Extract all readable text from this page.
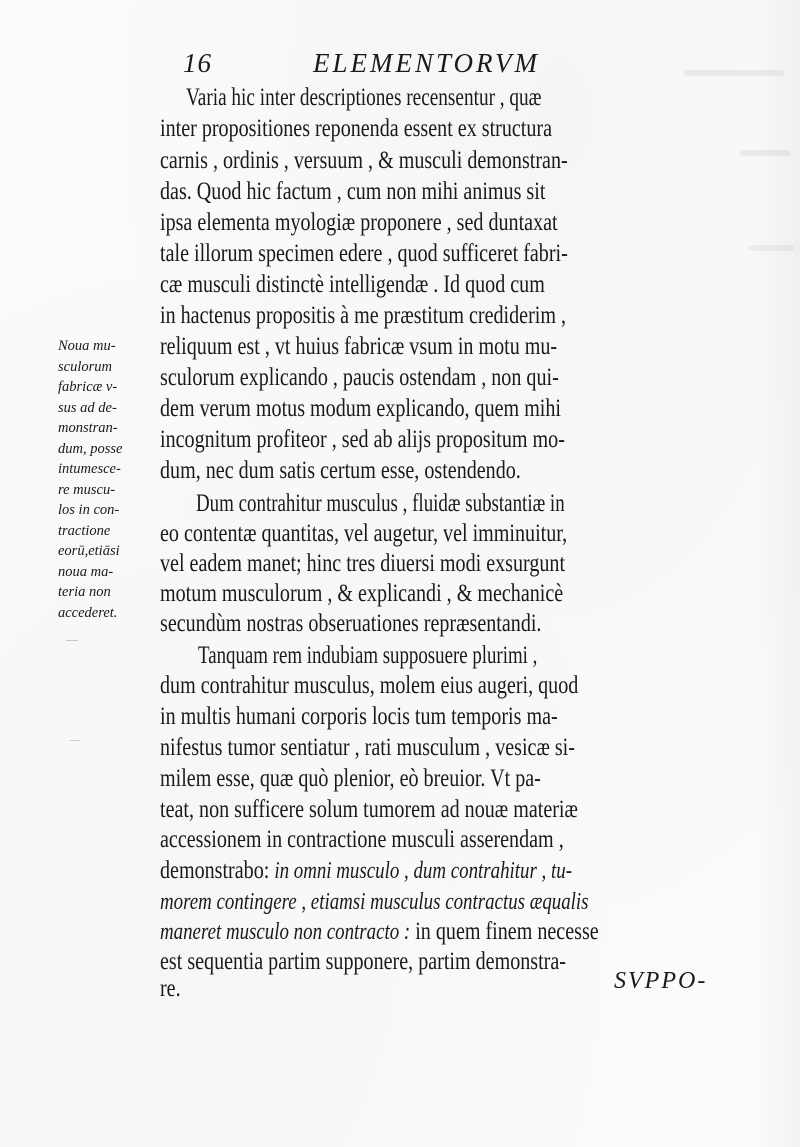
16	ELEMENTORVM
Varia hic inter descriptiones recensentur , quæ
inter propositiones reponenda essent ex structura
carnis , ordinis , versuum , & musculi demonstran-
das. Quod hic factum , cum non mihi animus sit
ipsa elementa myologiæ proponere , sed duntaxat
tale illorum specimen edere , quod sufficeret fabri-
cæ musculi distinctè intelligendæ . Id quod cum
in hactenus propositis à me præstitum crediderim ,
reliquum est , vt huius fabricæ vsum in motu mu-
sculorum explicando , paucis ostendam , non qui-
dem verum motus modum explicando, quem mihi
incognitum profiteor , sed ab alijs propositum mo-
dum, nec dum satis certum esse, ostendendo.
Dum contrahitur musculus , fluidæ substantiæ in
eo contentæ quantitas, vel augetur, vel imminuitur,
vel eadem manet; hinc tres diuersi modi exsurgunt
motum musculorum , & explicandi , & mechanicè
secundùm nostras obseruationes repræsentandi.
Tanquam rem indubiam supposuere plurimi ,
dum contrahitur musculus, molem eius augeri, quod
in multis humani corporis locis tum temporis ma-
nifestus tumor sentiatur , rati musculum , vesicæ si-
milem esse, quæ quò plenior, eò breuior. Vt pa-
teat, non sufficere solum tumorem ad nouæ materiæ
accessionem in contractione musculi asserendam ,
demonstrabo: in omni musculo , dum contrahitur , tu-
morem contingere , etiamsi musculus contractus æqualis
maneret musculo non contracto : in quem finem necesse
est sequentia partim supponere, partim demonstra-
re.
Noua mu-
sculorum
fabricæ v-
sus ad de-
monstran-
dum, posse
intumesce-
re muscu-
los in con-
tractione
eorū,etiāsi
noua ma-
teria non
accederet.
SVPPO-
